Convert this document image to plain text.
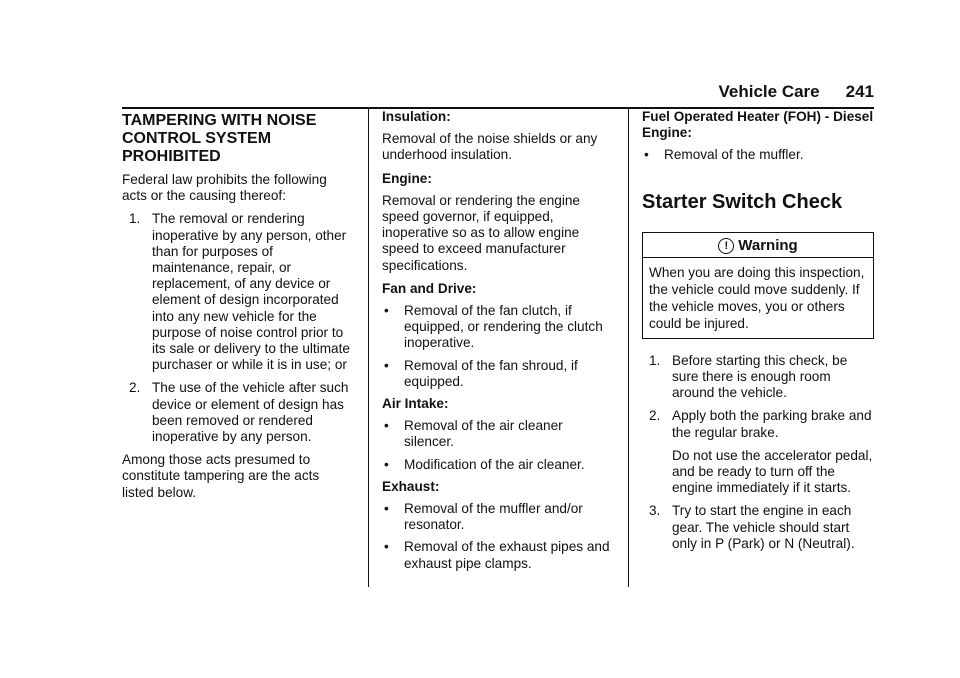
Vehicle Care 241
TAMPERING WITH NOISE CONTROL SYSTEM PROHIBITED

Federal law prohibits the following acts or the causing thereof:

1. The removal or rendering inoperative by any person, other than for purposes of maintenance, repair, or replacement, of any device or element of design incorporated into any new vehicle for the purpose of noise control prior to its sale or delivery to the ultimate purchaser or while it is in use; or
2. The use of the vehicle after such device or element of design has been removed or rendered inoperative by any person.

Among those acts presumed to constitute tampering are the acts listed below.

Insulation:

Removal of the noise shields or any underhood insulation.

Engine:

Removal or rendering the engine speed governor, if equipped, inoperative so as to allow engine speed to exceed manufacturer specifications.

Fan and Drive:
• Removal of the fan clutch, if equipped, or rendering the clutch inoperative.
• Removal of the fan shroud, if equipped.
Air Intake:
• Removal of the air cleaner silencer.
• Modification of the air cleaner.
Exhaust:
• Removal of the muffler and/or resonator.
• Removal of the exhaust pipes and exhaust pipe clamps.
Fuel Operated Heater (FOH) - Diesel Engine:
• Removal of the muffler.
Starter Switch Check
! Warning
When you are doing this inspection, the vehicle could move suddenly. If the vehicle moves, you or others could be injured.
1. Before starting this check, be sure there is enough room around the vehicle.
2. Apply both the parking brake and the regular brake.
Do not use the accelerator pedal, and be ready to turn off the engine immediately if it starts.
3. Try to start the engine in each gear. The vehicle should start only in P (Park) or N (Neutral).
